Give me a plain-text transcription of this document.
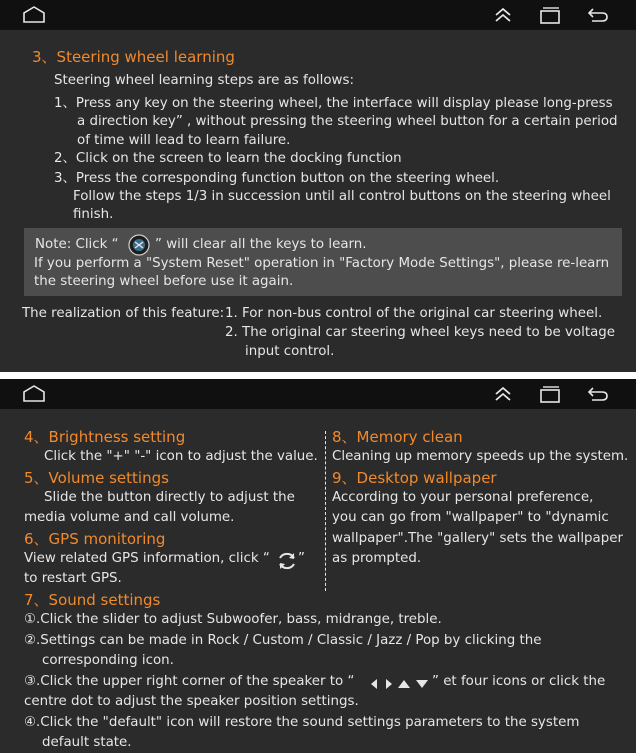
3、Steering wheel learning
Steering wheel learning steps are as follows:
1、Press any key on the steering wheel, the interface will display please long-press
a direction key” , without pressing the steering wheel button for a certain period
of time will lead to learn failure.
2、Click on the screen to learn the docking function
3、Press the corresponding function button on the steering wheel.
Follow the steps 1/3 in succession until all control buttons on the steering wheel
finish.
Note: Click “	” will clear all the keys to learn.
If you perform a "System Reset" operation in "Factory Mode Settings", please re-learn
the steering wheel before use it again.
The realization of this feature: 1. For non-bus control of the original car steering wheel.
2. The original car steering wheel keys need to be voltage
input control.
4、Brightness setting
Click the "+" "-" icon to adjust the value.
5、Volume settings
Slide the button directly to adjust the
media volume and call volume.
6、GPS monitoring
View related GPS information, click “ ”
to restart GPS.
8、Memory clean
Cleaning up memory speeds up the system.
9、Desktop wallpaper
According to your personal preference,
you can go from "wallpaper" to "dynamic
wallpaper".The "gallery" sets the wallpaper
as prompted.
7、Sound settings
①.Click the slider to adjust Subwoofer, bass, midrange, treble.
②.Settings can be made in Rock / Custom / Classic / Jazz / Pop by clicking the
corresponding icon.
③.Click the upper right corner of the speaker to “	” et four icons or click the
centre dot to adjust the speaker position settings.
④.Click the "default" icon will restore the sound settings parameters to the system
default state.
